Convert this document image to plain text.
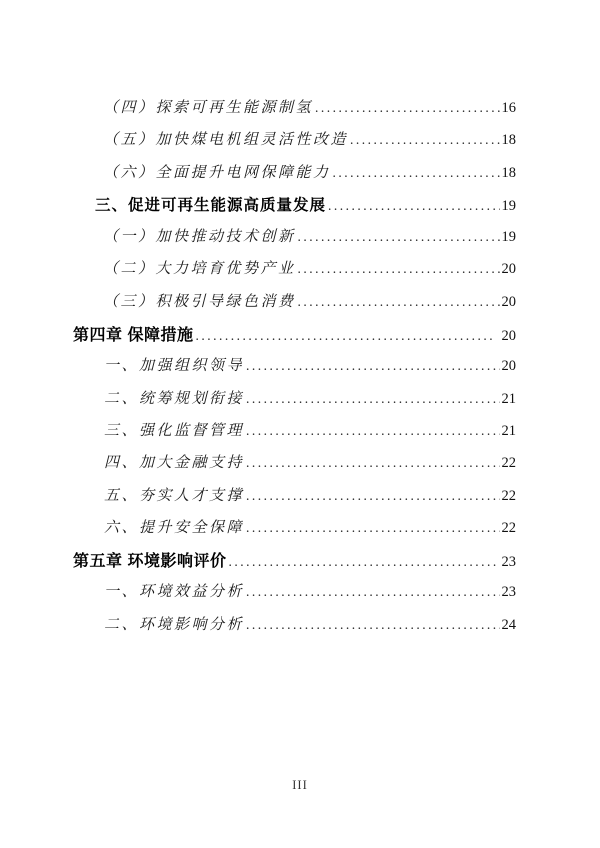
（四）探索可再生能源制氢 .....	16
（五）加快煤电机组灵活性改造 .....	18
（六）全面提升电网保障能力 .....	18
三、促进可再生能源高质量发展 .....	19
（一）加快推动技术创新 .....	19
（二）大力培育优势产业 .....	20
（三）积极引导绿色消费 .....	20
第四章 保障措施 .....	20
一、加强组织领导 .....	20
二、统筹规划衔接 .....	21
三、强化监督管理 .....	21
四、加大金融支持 .....	22
五、夯实人才支撑 .....	22
六、提升安全保障 .....	22
第五章 环境影响评价 .....	23
一、环境效益分析 .....	23
二、环境影响分析 .....	24
III
